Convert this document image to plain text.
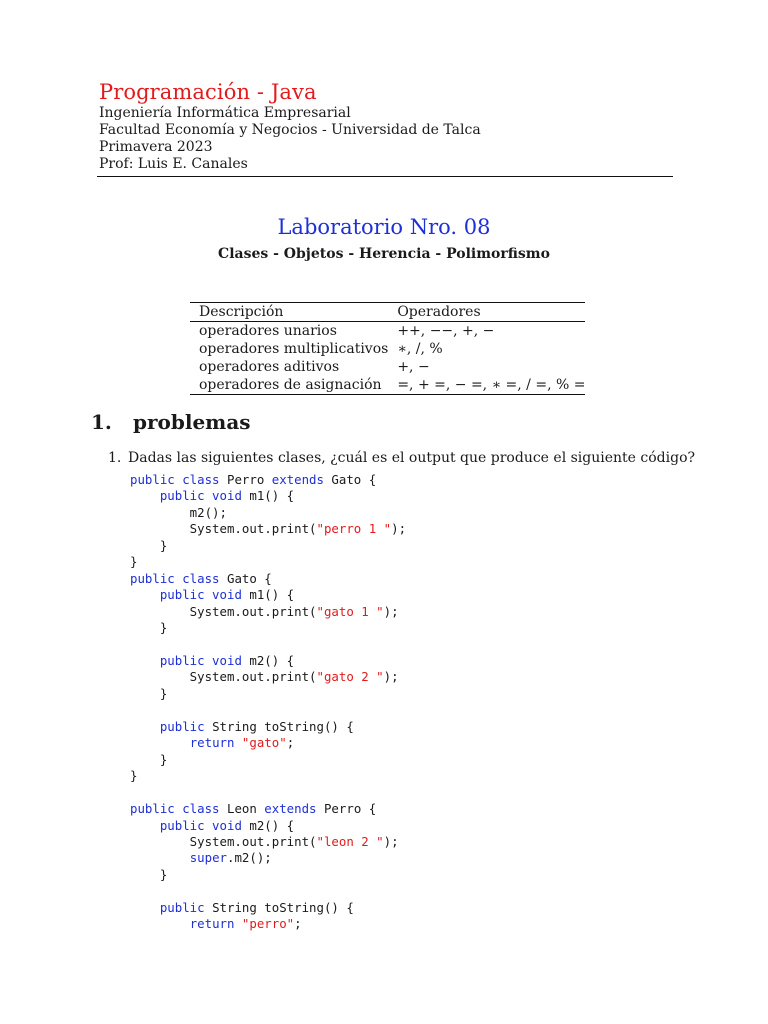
Programación - Java
Ingeniería Informática Empresarial
Facultad Economía y Negocios - Universidad de Talca
Primavera 2023
Prof: Luis E. Canales
Laboratorio Nro. 08
Clases - Objetos - Herencia - Polimorfismo
Descripción	Operadores
operadores unarios	++, −−, +, −
operadores multiplicativos	∗, /, %
operadores aditivos	+, −
operadores de asignación	=, + =, − =, ∗ =, / =, % =
1. problemas
1. Dadas las siguientes clases, ¿cuál es el output que produce el siguiente código?
public class Perro extends Gato {
public void m1() {
m2();
System.out.print("perro 1 ");
}
}
public class Gato {
public void m1() {
System.out.print("gato 1 ");
}

public void m2() {
System.out.print("gato 2 ");
}

public String toString() {
return "gato";
}
}

public class Leon extends Perro {
public void m2() {
System.out.print("leon 2 ");
super.m2();
}

public String toString() {
return "perro";
